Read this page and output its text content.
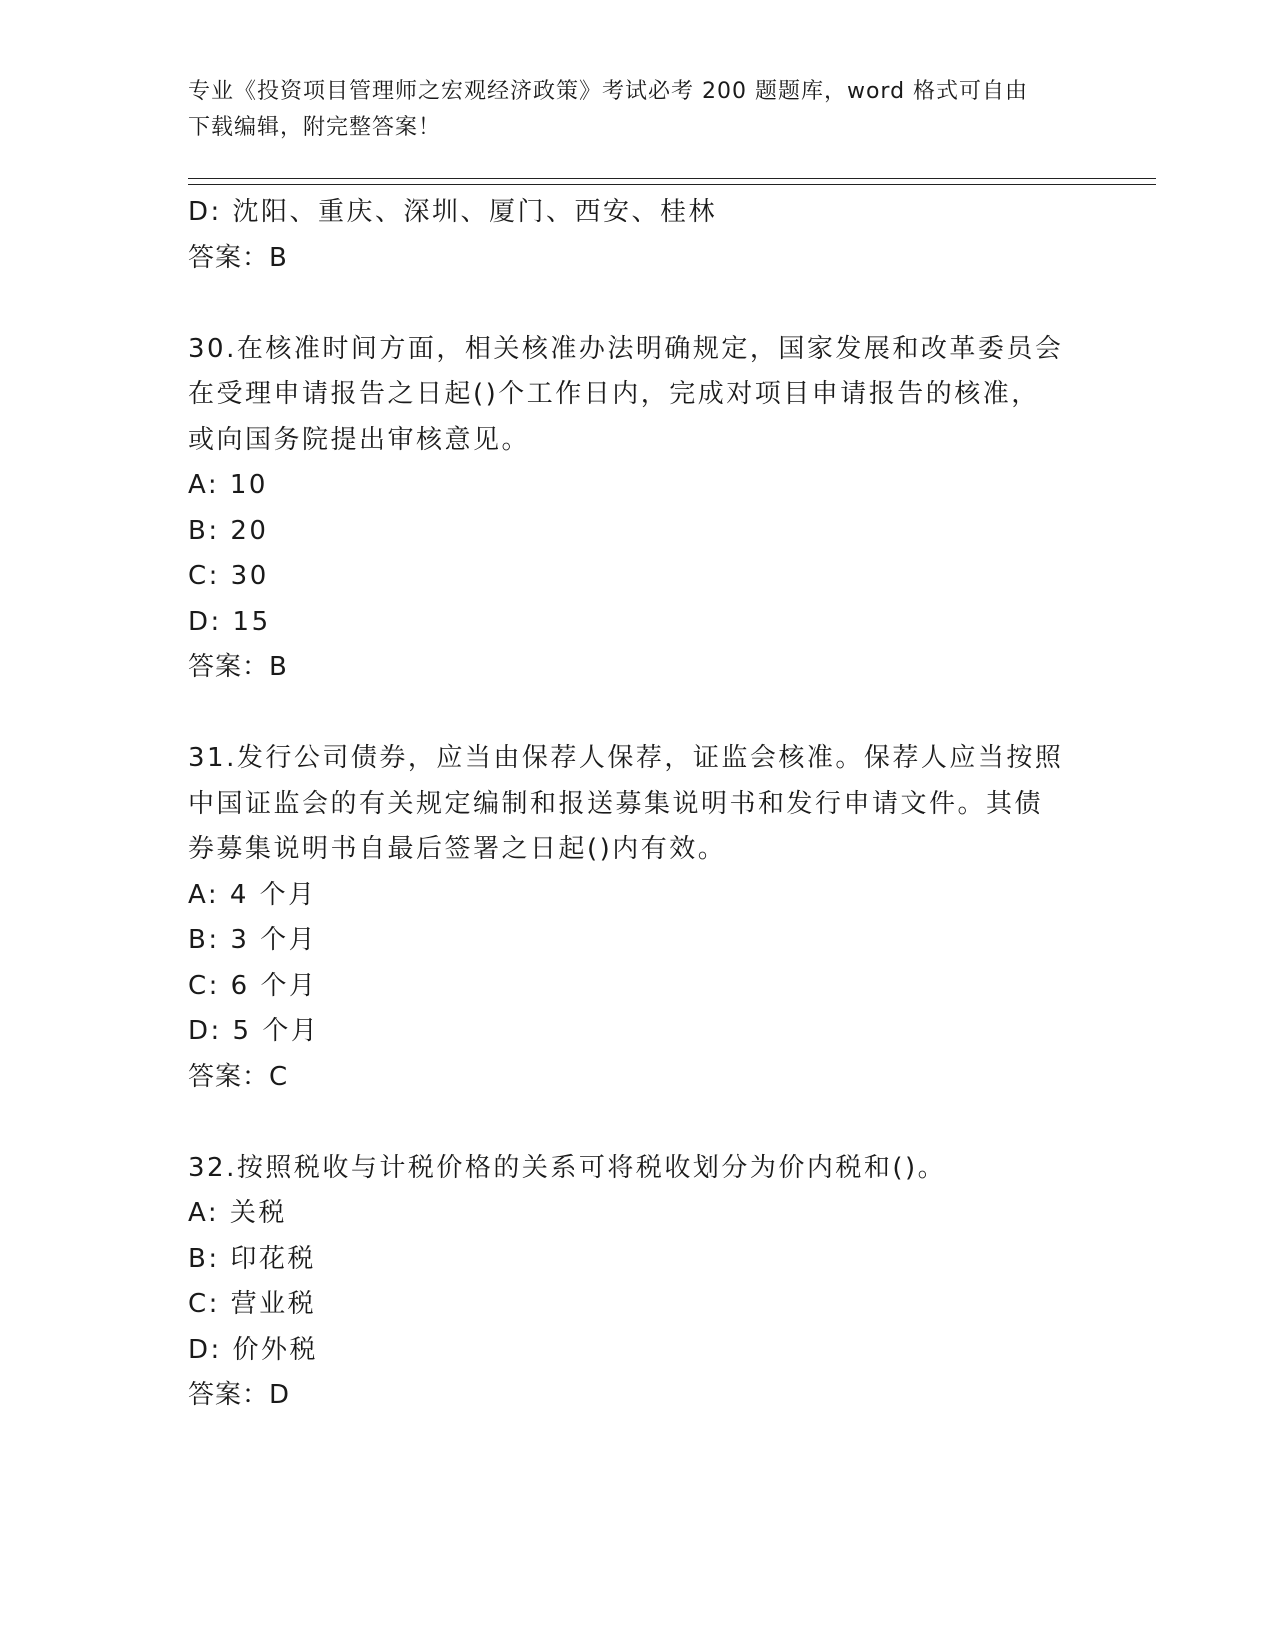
专业《投资项目管理师之宏观经济政策》考试必考 200 题题库，word 格式可自由
下载编辑，附完整答案！
D: 沈阳、重庆、深圳、厦门、西安、桂林
答案：B
30.在核准时间方面，相关核准办法明确规定，国家发展和改革委员会
在受理申请报告之日起()个工作日内，完成对项目申请报告的核准，
或向国务院提出审核意见。
A: 10
B: 20
C: 30
D: 15
答案：B
31.发行公司债券，应当由保荐人保荐，证监会核准。保荐人应当按照
中国证监会的有关规定编制和报送募集说明书和发行申请文件。其债
券募集说明书自最后签署之日起()内有效。
A: 4 个月
B: 3 个月
C: 6 个月
D: 5 个月
答案：C
32.按照税收与计税价格的关系可将税收划分为价内税和()。
A: 关税
B: 印花税
C: 营业税
D: 价外税
答案：D
